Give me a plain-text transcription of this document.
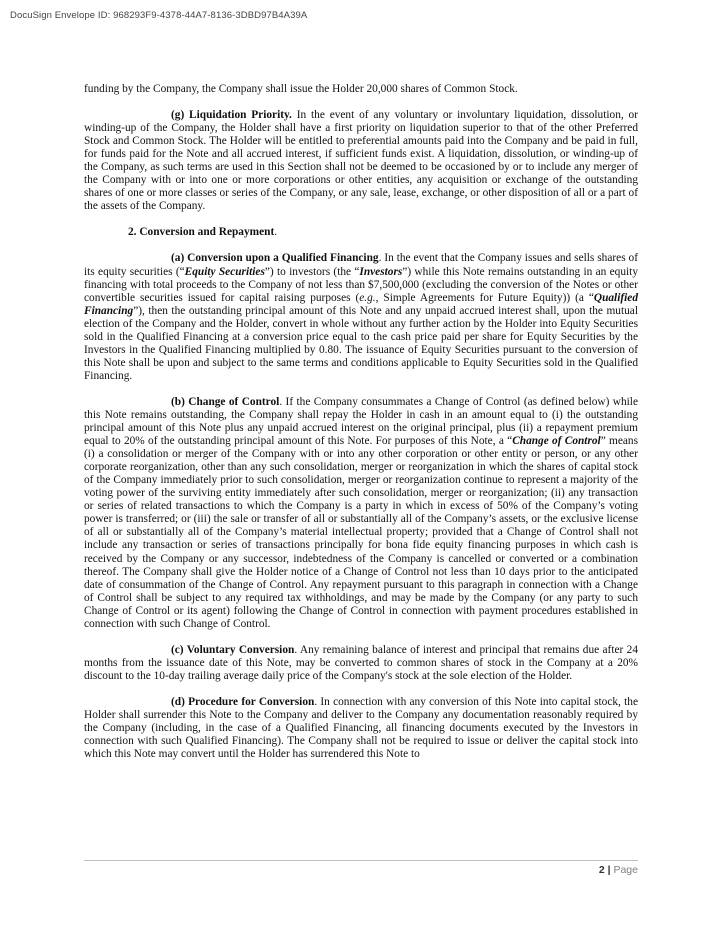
DocuSign Envelope ID: 968293F9-4378-44A7-8136-3DBD97B4A39A

funding by the Company, the Company shall issue the Holder 20,000 shares of Common Stock.

(g) Liquidation Priority. In the event of any voluntary or involuntary liquidation, dissolution, or winding-up of the Company, the Holder shall have a first priority on liquidation superior to that of the other Preferred Stock and Common Stock. The Holder will be entitled to preferential amounts paid into the Company and be paid in full, for funds paid for the Note and all accrued interest, if sufficient funds exist. A liquidation, dissolution, or winding-up of the Company, as such terms are used in this Section shall not be deemed to be occasioned by or to include any merger of the Company with or into one or more corporations or other entities, any acquisition or exchange of the outstanding shares of one or more classes or series of the Company, or any sale, lease, exchange, or other disposition of all or a part of the assets of the Company.

2. Conversion and Repayment.

(a) Conversion upon a Qualified Financing. In the event that the Company issues and sells shares of its equity securities (“Equity Securities”) to investors (the “Investors”) while this Note remains outstanding in an equity financing with total proceeds to the Company of not less than $7,500,000 (excluding the conversion of the Notes or other convertible securities issued for capital raising purposes (e.g., Simple Agreements for Future Equity)) (a “Qualified Financing”), then the outstanding principal amount of this Note and any unpaid accrued interest shall, upon the mutual election of the Company and the Holder, convert in whole without any further action by the Holder into Equity Securities sold in the Qualified Financing at a conversion price equal to the cash price paid per share for Equity Securities by the Investors in the Qualified Financing multiplied by 0.80. The issuance of Equity Securities pursuant to the conversion of this Note shall be upon and subject to the same terms and conditions applicable to Equity Securities sold in the Qualified Financing.

(b) Change of Control. If the Company consummates a Change of Control (as defined below) while this Note remains outstanding, the Company shall repay the Holder in cash in an amount equal to (i) the outstanding principal amount of this Note plus any unpaid accrued interest on the original principal, plus (ii) a repayment premium equal to 20% of the outstanding principal amount of this Note. For purposes of this Note, a “Change of Control” means (i) a consolidation or merger of the Company with or into any other corporation or other entity or person, or any other corporate reorganization, other than any such consolidation, merger or reorganization in which the shares of capital stock of the Company immediately prior to such consolidation, merger or reorganization continue to represent a majority of the voting power of the surviving entity immediately after such consolidation, merger or reorganization; (ii) any transaction or series of related transactions to which the Company is a party in which in excess of 50% of the Company’s voting power is transferred; or (iii) the sale or transfer of all or substantially all of the Company’s assets, or the exclusive license of all or substantially all of the Company’s material intellectual property; provided that a Change of Control shall not include any transaction or series of transactions principally for bona fide equity financing purposes in which cash is received by the Company or any successor, indebtedness of the Company is cancelled or converted or a combination thereof. The Company shall give the Holder notice of a Change of Control not less than 10 days prior to the anticipated date of consummation of the Change of Control. Any repayment pursuant to this paragraph in connection with a Change of Control shall be subject to any required tax withholdings, and may be made by the Company (or any party to such Change of Control or its agent) following the Change of Control in connection with payment procedures established in connection with such Change of Control.

(c) Voluntary Conversion. Any remaining balance of interest and principal that remains due after 24 months from the issuance date of this Note, may be converted to common shares of stock in the Company at a 20% discount to the 10-day trailing average daily price of the Company's stock at the sole election of the Holder.

(d) Procedure for Conversion. In connection with any conversion of this Note into capital stock, the Holder shall surrender this Note to the Company and deliver to the Company any documentation reasonably required by the Company (including, in the case of a Qualified Financing, all financing documents executed by the Investors in connection with such Qualified Financing). The Company shall not be required to issue or deliver the capital stock into which this Note may convert until the Holder has surrendered this Note to

2 | Page
